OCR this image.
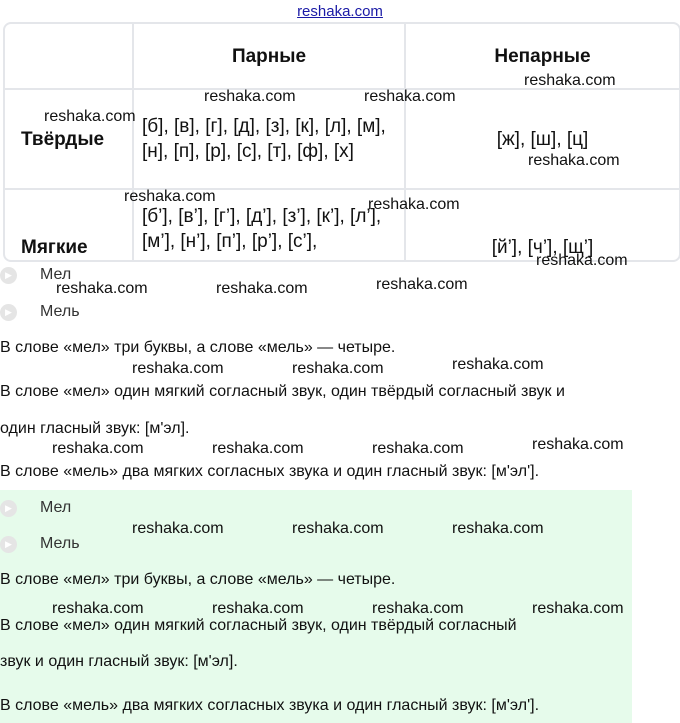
reshaka.com
	Парные	Непарные
Твёрдые	[б], [в], [г], [д], [з], [к], [л], [м], [н], [п], [р], [с], [т], [ф], [х]	[ж], [ш], [ц]
Мягкие	[б’], [в’], [г’], [д’], [з’], [к’], [л’], [м’], [н’], [п’], [р’], [с’],	[й’], [ч’], [щ’]
▶	Мел
▶	Мель
В слове «мел» три буквы, а слове «мель» — четыре.
В слове «мел» один мягкий согласный звук, один твёрдый согласный звук и
один гласный звук: [м'эл].
В слове «мель» два мягких согласных звука и один гласный звук: [м'эл'].
▶	Мел
▶	Мель
В слове «мел» три буквы, а слове «мель» — четыре.
В слове «мел» один мягкий согласный звук, один твёрдый согласный
звук и один гласный звук: [м'эл].
В слове «мель» два мягких согласных звука и один гласный звук: [м'эл'].
reshaka.com
reshaka.com	reshaka.com
reshaka.com
reshaka.com
reshaka.com	reshaka.com
reshaka.com
reshaka.com	reshaka.com	reshaka.com
reshaka.com	reshaka.com	reshaka.com
reshaka.com	reshaka.com	reshaka.com	reshaka.com
reshaka.com	reshaka.com	reshaka.com
reshaka.com	reshaka.com	reshaka.com	reshaka.com
